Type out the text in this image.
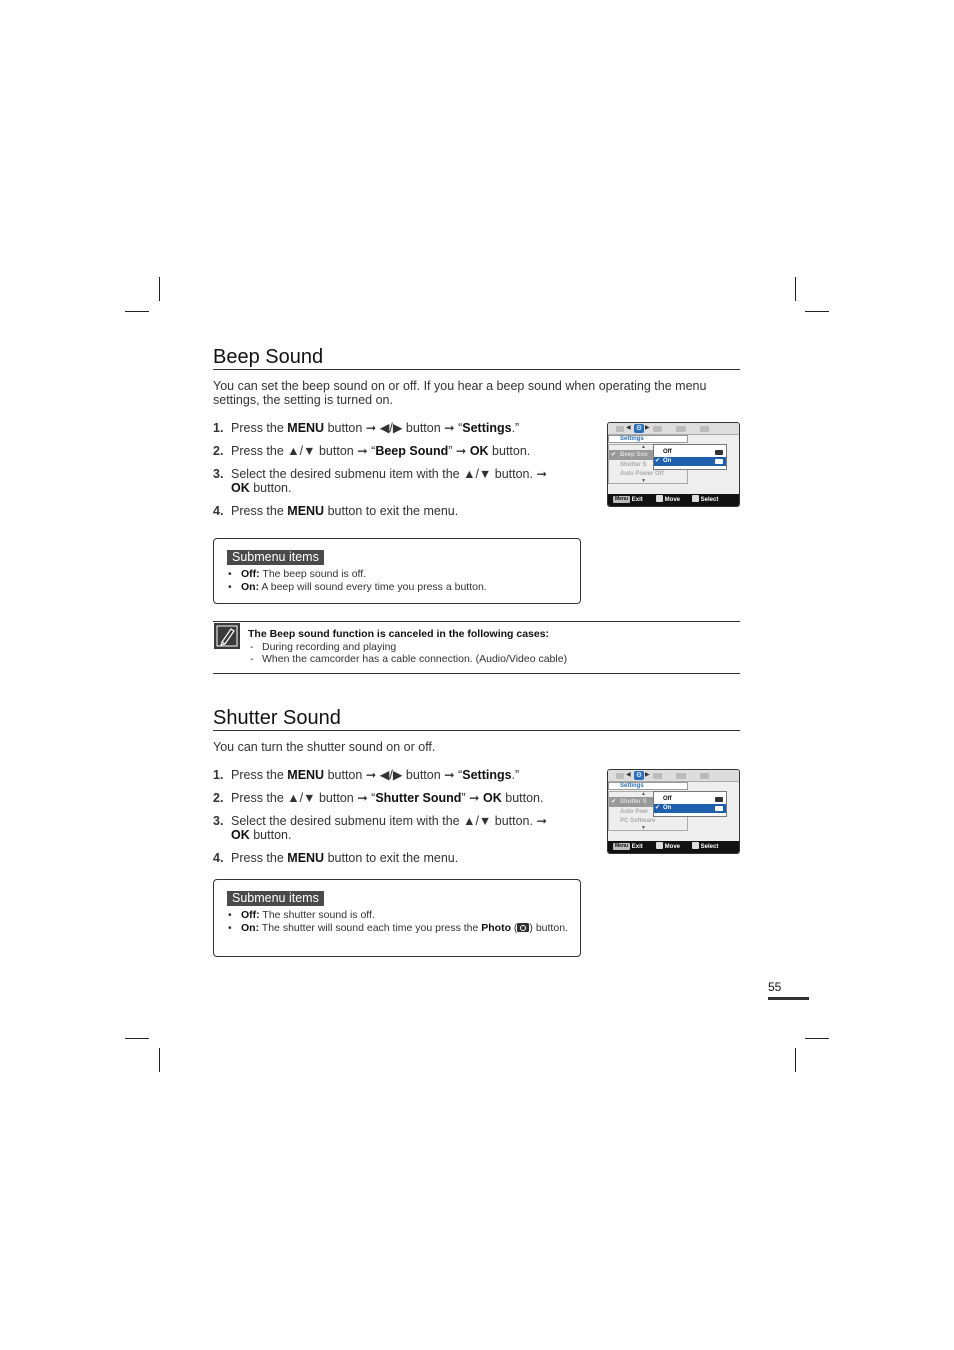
Beep Sound

You can set the beep sound on or off. If you hear a beep sound when operating the menu settings, the setting is turned on.

1. Press the MENU button ➞ ◀/▶ button ➞ “Settings.”
2. Press the ▲/▼ button ➞ “Beep Sound” ➞ OK button.
3. Select the desired submenu item with the ▲/▼ button. ➞ OK button.
4. Press the MENU button to exit the menu.
◀ ⚙ ▶
Settings
▲
✔ Beep Sou
Shutter S
Auto Power Off
▼
Off
✔ On
Menu Exit	Move	Select
Submenu items
• Off: The beep sound is off.
• On: A beep will sound every time you press a button.
The Beep sound function is canceled in the following cases:
- During recording and playing
- When the camcorder has a cable connection. (Audio/Video cable)
Shutter Sound

You can turn the shutter sound on or off.

1. Press the MENU button ➞ ◀/▶ button ➞ “Settings.”
2. Press the ▲/▼ button ➞ “Shutter Sound” ➞ OK button.
3. Select the desired submenu item with the ▲/▼ button. ➞ OK button.
4. Press the MENU button to exit the menu.
◀ ⚙ ▶
Settings
▲
✔ Shutter S
Auto Pow
PC Software
▼
Off
✔ On
Menu Exit	Move	Select
Submenu items
• Off: The shutter sound is off.
• On: The shutter will sound each time you press the Photo ( ) button.
55
